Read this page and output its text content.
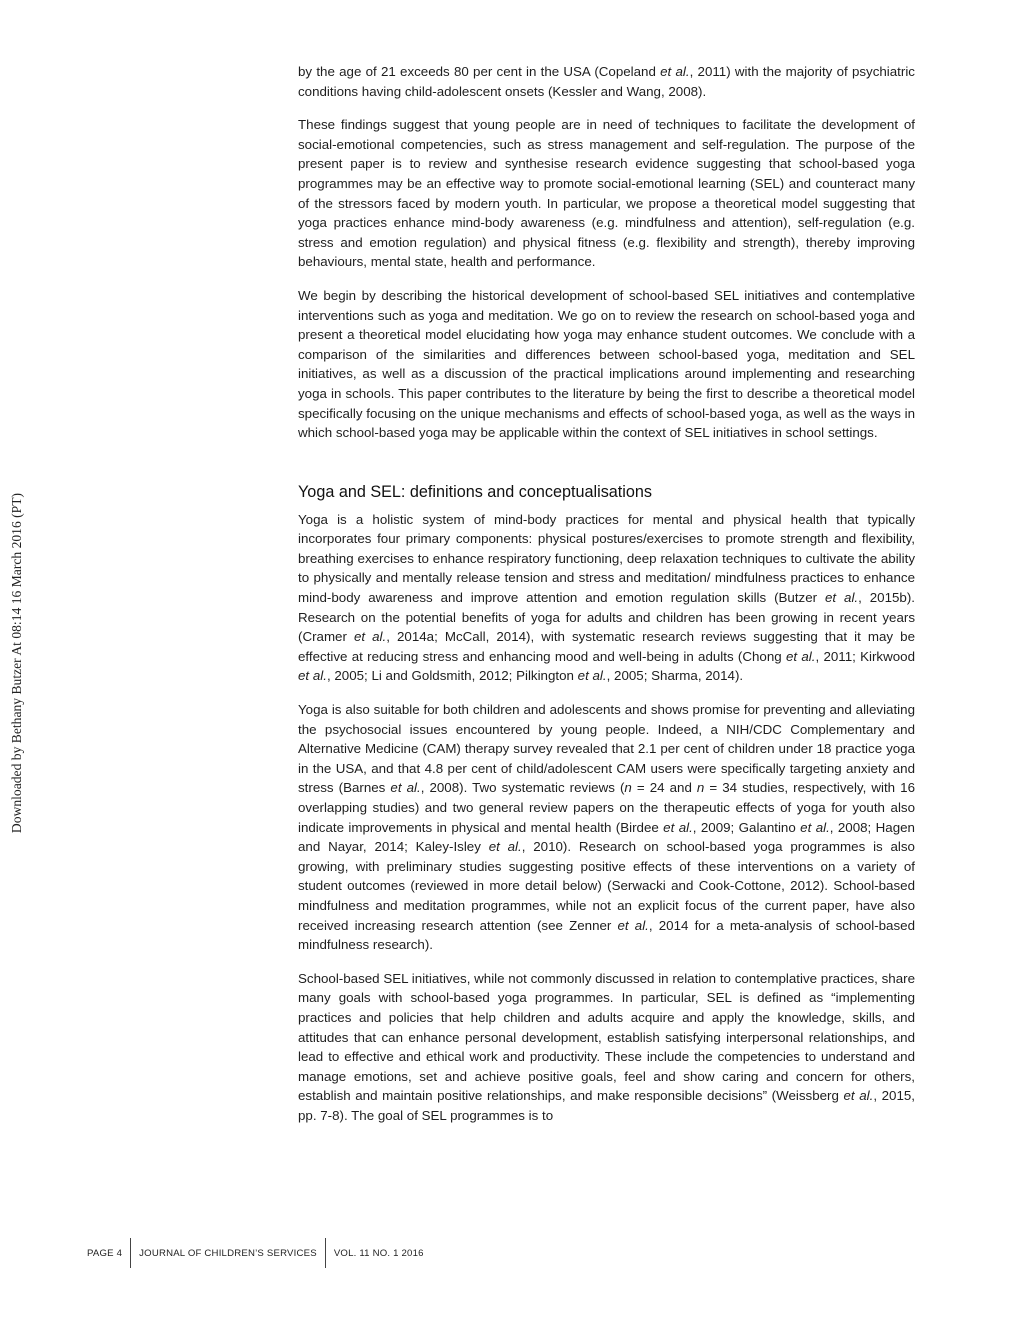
Downloaded by Bethany Butzer At 08:14 16 March 2016 (PT)

by the age of 21 exceeds 80 per cent in the USA (Copeland et al., 2011) with the majority of psychiatric conditions having child-adolescent onsets (Kessler and Wang, 2008).

These findings suggest that young people are in need of techniques to facilitate the development of social-emotional competencies, such as stress management and self-regulation. The purpose of the present paper is to review and synthesise research evidence suggesting that school-based yoga programmes may be an effective way to promote social-emotional learning (SEL) and counteract many of the stressors faced by modern youth. In particular, we propose a theoretical model suggesting that yoga practices enhance mind-body awareness (e.g. mindfulness and attention), self-regulation (e.g. stress and emotion regulation) and physical fitness (e.g. flexibility and strength), thereby improving behaviours, mental state, health and performance.

We begin by describing the historical development of school-based SEL initiatives and contemplative interventions such as yoga and meditation. We go on to review the research on school-based yoga and present a theoretical model elucidating how yoga may enhance student outcomes. We conclude with a comparison of the similarities and differences between school-based yoga, meditation and SEL initiatives, as well as a discussion of the practical implications around implementing and researching yoga in schools. This paper contributes to the literature by being the first to describe a theoretical model specifically focusing on the unique mechanisms and effects of school-based yoga, as well as the ways in which school-based yoga may be applicable within the context of SEL initiatives in school settings.

Yoga and SEL: definitions and conceptualisations

Yoga is a holistic system of mind-body practices for mental and physical health that typically incorporates four primary components: physical postures/exercises to promote strength and flexibility, breathing exercises to enhance respiratory functioning, deep relaxation techniques to cultivate the ability to physically and mentally release tension and stress and meditation/ mindfulness practices to enhance mind-body awareness and improve attention and emotion regulation skills (Butzer et al., 2015b). Research on the potential benefits of yoga for adults and children has been growing in recent years (Cramer et al., 2014a; McCall, 2014), with systematic research reviews suggesting that it may be effective at reducing stress and enhancing mood and well-being in adults (Chong et al., 2011; Kirkwood et al., 2005; Li and Goldsmith, 2012; Pilkington et al., 2005; Sharma, 2014).

Yoga is also suitable for both children and adolescents and shows promise for preventing and alleviating the psychosocial issues encountered by young people. Indeed, a NIH/CDC Complementary and Alternative Medicine (CAM) therapy survey revealed that 2.1 per cent of children under 18 practice yoga in the USA, and that 4.8 per cent of child/adolescent CAM users were specifically targeting anxiety and stress (Barnes et al., 2008). Two systematic reviews (n = 24 and n = 34 studies, respectively, with 16 overlapping studies) and two general review papers on the therapeutic effects of yoga for youth also indicate improvements in physical and mental health (Birdee et al., 2009; Galantino et al., 2008; Hagen and Nayar, 2014; Kaley-Isley et al., 2010). Research on school-based yoga programmes is also growing, with preliminary studies suggesting positive effects of these interventions on a variety of student outcomes (reviewed in more detail below) (Serwacki and Cook-Cottone, 2012). School-based mindfulness and meditation programmes, while not an explicit focus of the current paper, have also received increasing research attention (see Zenner et al., 2014 for a meta-analysis of school-based mindfulness research).

School-based SEL initiatives, while not commonly discussed in relation to contemplative practices, share many goals with school-based yoga programmes. In particular, SEL is defined as “implementing practices and policies that help children and adults acquire and apply the knowledge, skills, and attitudes that can enhance personal development, establish satisfying interpersonal relationships, and lead to effective and ethical work and productivity. These include the competencies to understand and manage emotions, set and achieve positive goals, feel and show caring and concern for others, establish and maintain positive relationships, and make responsible decisions” (Weissberg et al., 2015, pp. 7-8). The goal of SEL programmes is to

PAGE 4 JOURNAL OF CHILDREN’S SERVICES VOL. 11 NO. 1 2016
